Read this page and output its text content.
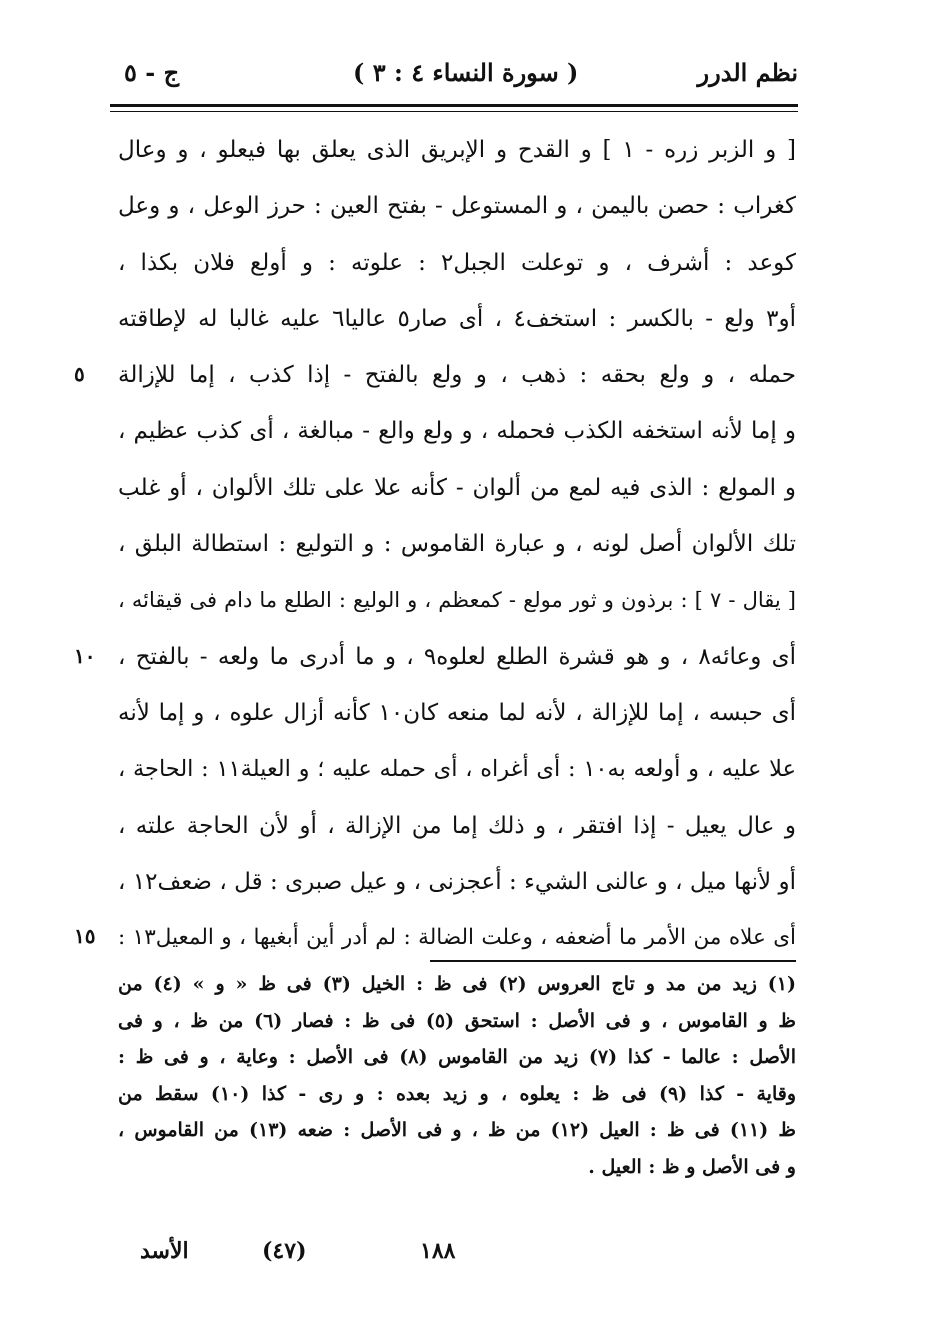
ج - ٥	( سورة النساء ٤ : ٣ )	نظم الدرر
[ و الزبر زره - ١ ] و القدح و الإبريق الذى يعلق بها فيعلو ، و وعال
كغراب : حصن باليمن ، و المستوعل - بفتح العين : حرز الوعل ، و وعل
كوعد : أشرف ، و توعلت الجبل٢ : علوته : و أولع فلان بكذا ،
أو٣ ولع - بالكسر : استخف٤ ، أى صار٥ عاليا٦ عليه غالبا له لإطاقته
حمله ، و ولع بحقه : ذهب ، و ولع بالفتح - إذا كذب ، إما للإزالة
و إما لأنه استخفه الكذب فحمله ، و ولع والع - مبالغة ، أى كذب عظيم ،
و المولع : الذى فيه لمع من ألوان - كأنه علا على تلك الألوان ، أو غلب
تلك الألوان أصل لونه ، و عبارة القاموس : و التوليع : استطالة البلق ،
[ يقال - ٧ ] : برذون و ثور مولع - كمعظم ، و الوليع : الطلع ما دام فى قيقائه ،
أى وعائه٨ ، و هو قشرة الطلع لعلوه٩ ، و ما أدرى ما ولعه - بالفتح ،
أى حبسه ، إما للإزالة ، لأنه لما منعه كان١٠ كأنه أزال علوه ، و إما لأنه
علا عليه ، و أولعه به١٠ : أى أغراه ، أى حمله عليه ؛ و العيلة١١ : الحاجة ،
و عال يعيل - إذا افتقر ، و ذلك إما من الإزالة ، أو لأن الحاجة علته ،
أو لأنها ميل ، و عالنى الشيء : أعجزنى ، و عيل صبرى : قل ، ضعف١٢ ،
أى علاه من الأمر ما أضعفه ، وعلت الضالة : لم أدر أين أبغيها ، و المعيل١٣ :
٥
١٠
١٥
(١) زيد من مد و تاج العروس (٢) فى ظ : الخيل (٣) فى ظ « و » (٤) من
ظ و القاموس ، و فى الأصل : استحق (٥) فى ظ : فصار (٦) من ظ ، و فى
الأصل : عالما - كذا (٧) زيد من القاموس (٨) فى الأصل : وعاية ، و فى ظ :
وقاية - كذا (٩) فى ظ : يعلوه ، و زيد بعده : و رى - كذا (١٠) سقط من
ظ (١١) فى ظ : العيل (١٢) من ظ ، و فى الأصل : ضعه (١٣) من القاموس ،
و فى الأصل و ظ : العيل .
الأسد	(٤٧)	١٨٨
